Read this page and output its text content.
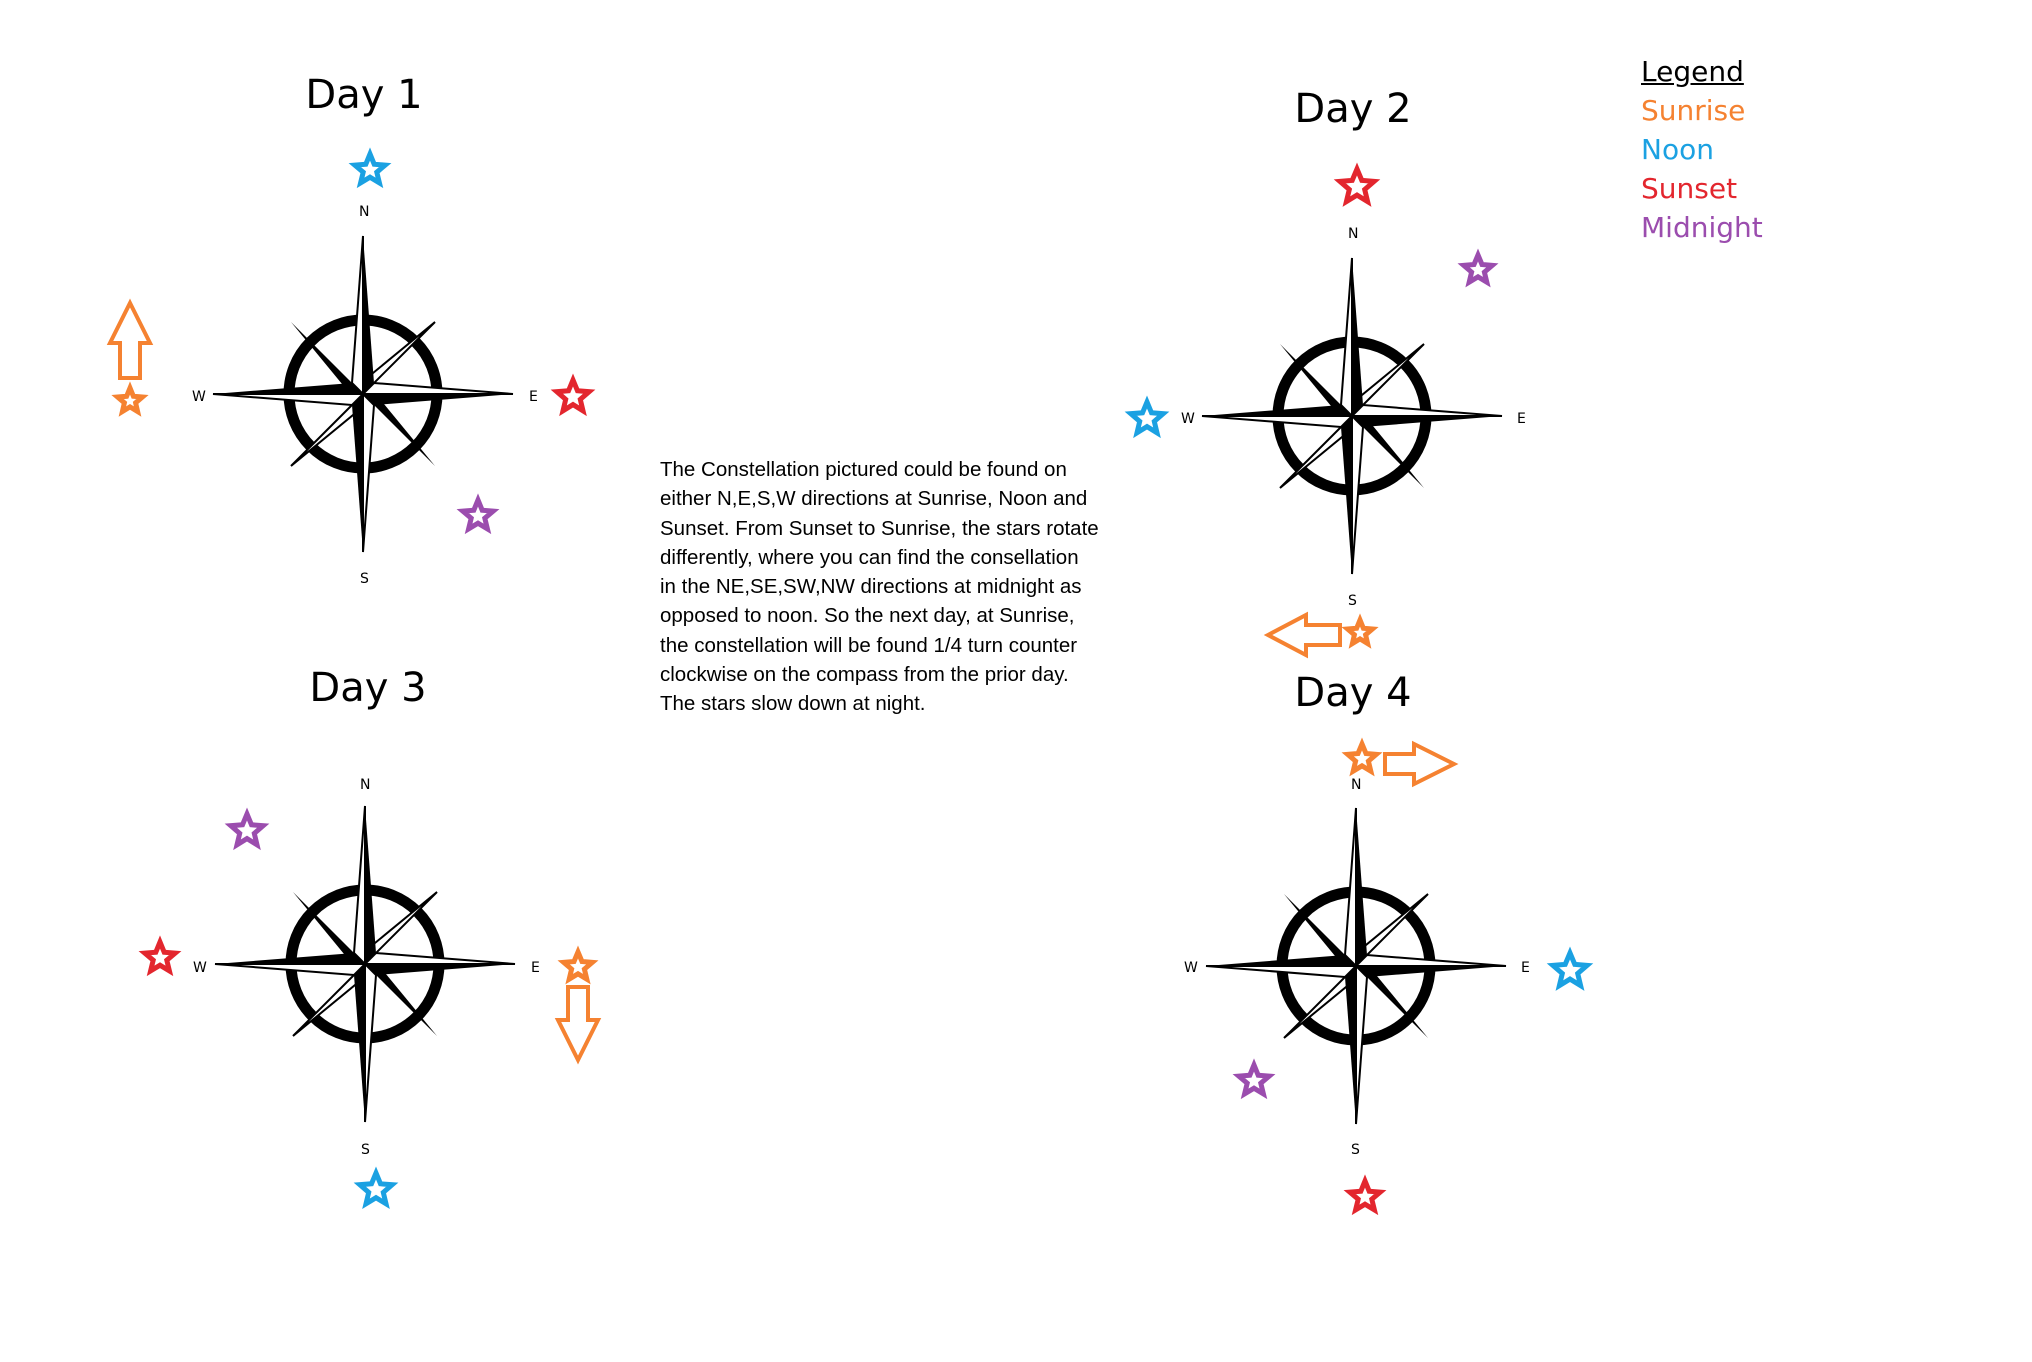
Day 1	Day 2
Day 3	Day 4
Legend
Sunrise
Noon
Sunset
Midnight
The Constellation pictured could be found on either N,E,S,W directions at Sunrise, Noon and Sunset. From Sunset to Sunrise, the stars rotate differently, where you can find the consellation in the NE,SE,SW,NW directions at midnight as opposed to noon. So the next day, at Sunrise, the constellation will be found 1/4 turn counter clockwise on the compass from the prior day. The stars slow down at night.
N
E
S
W
N
E
S
W
N
E
S
W
N
E
S
W
